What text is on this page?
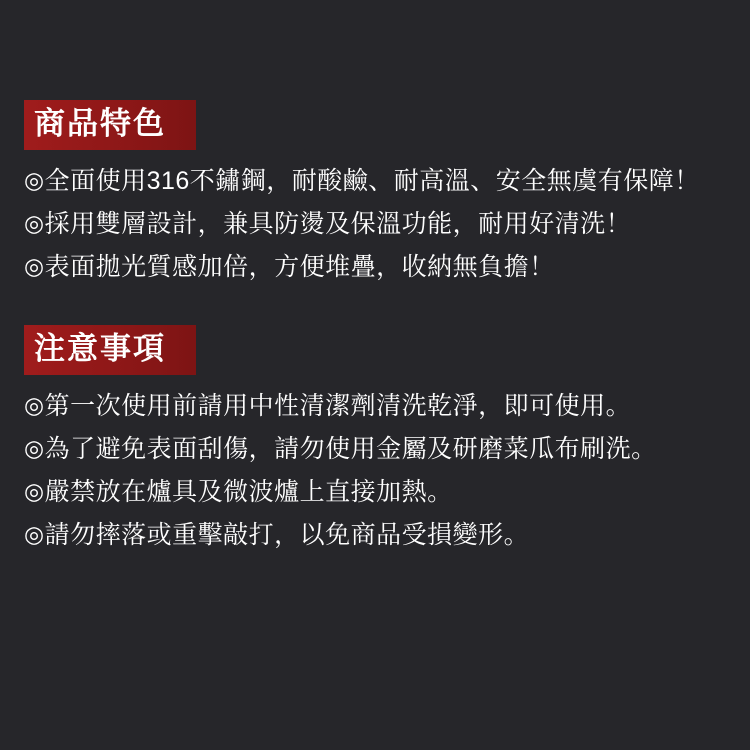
商品特色
◎全面使用316不鏽鋼，耐酸鹼、耐高溫、安全無虞有保障！
◎採用雙層設計，兼具防燙及保溫功能，耐用好清洗！
◎表面拋光質感加倍，方便堆疊，收納無負擔！
注意事項
◎第一次使用前請用中性清潔劑清洗乾淨，即可使用。
◎為了避免表面刮傷，請勿使用金屬及研磨菜瓜布刷洗。
◎嚴禁放在爐具及微波爐上直接加熱。
◎請勿摔落或重擊敲打，以免商品受損變形。
